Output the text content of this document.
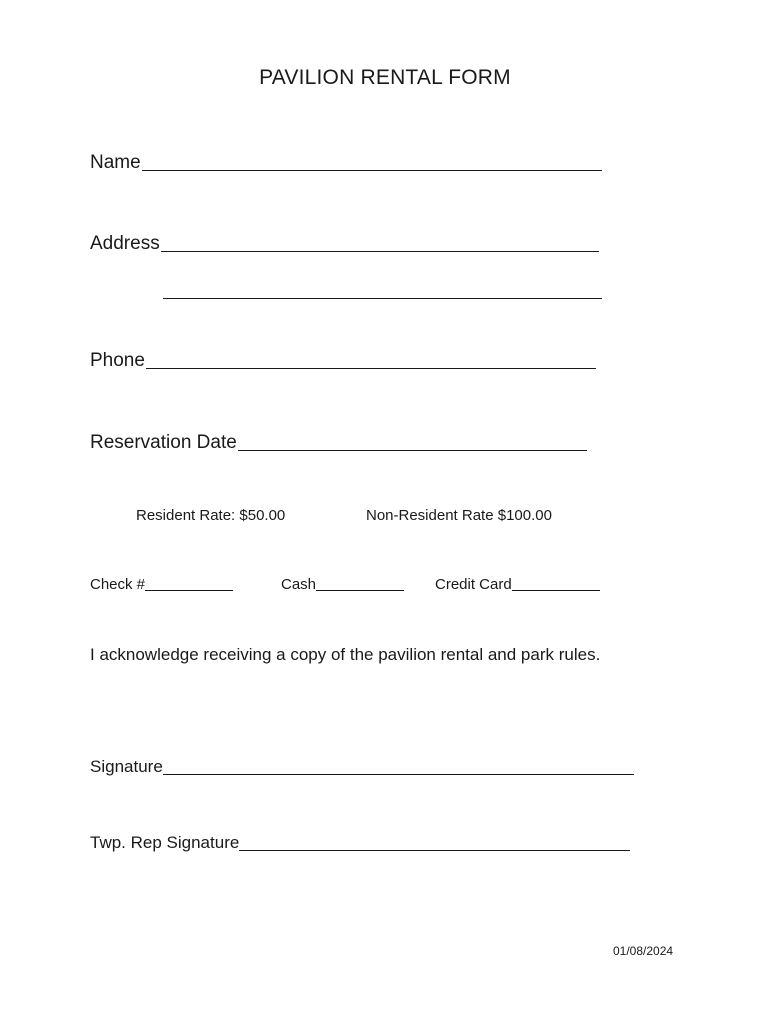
PAVILION RENTAL FORM
Name
Address
Phone
Reservation Date
Resident Rate: $50.00	Non-Resident Rate $100.00
Check #	Cash	Credit Card
I acknowledge receiving a copy of the pavilion rental and park rules.
Signature
Twp. Rep Signature
01/08/2024
